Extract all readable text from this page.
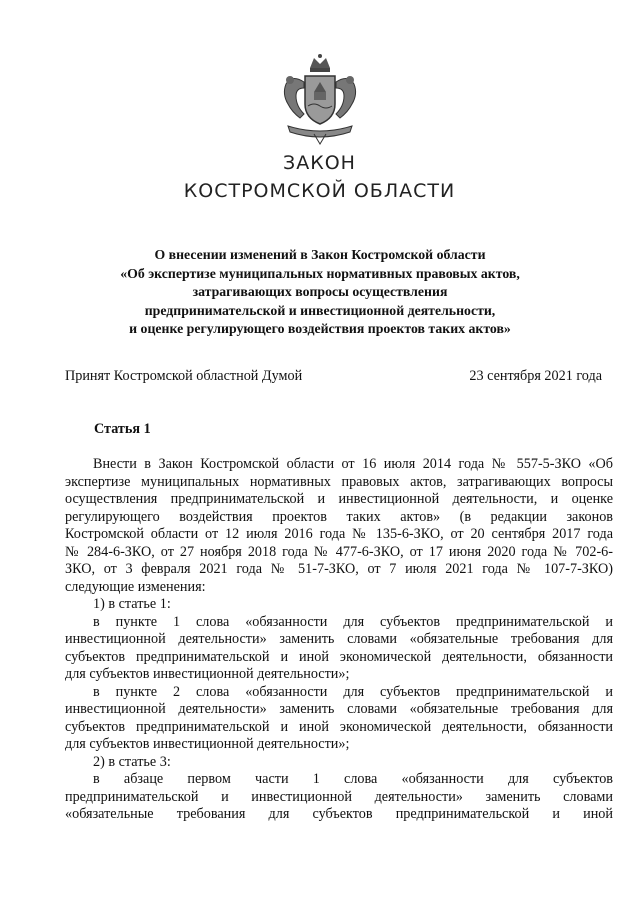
ЗАКОН
КОСТРОМСКОЙ ОБЛАСТИ
О внесении изменений в Закон Костромской области
«Об экспертизе муниципальных нормативных правовых актов,
затрагивающих вопросы осуществления
предпринимательской и инвестиционной деятельности,
и оценке регулирующего воздействия проектов таких актов»
Принят Костромской областной Думой	23 сентября 2021 года
Статья 1
Внести в Закон Костромской области от 16 июля 2014 года № 557-5-ЗКО «Об
экспертизе муниципальных нормативных правовых актов, затрагивающих вопросы
осуществления предпринимательской и инвестиционной деятельности, и оценке
регулирующего воздействия проектов таких актов» (в редакции законов
Костромской области от 12 июля 2016 года № 135-6-ЗКО, от 20 сентября 2017 года
№ 284-6-ЗКО, от 27 ноября 2018 года № 477-6-ЗКО, от 17 июня 2020 года № 702-6-
ЗКО, от 3 февраля 2021 года № 51-7-ЗКО, от 7 июля 2021 года № 107-7-ЗКО)
следующие изменения:
1) в статье 1:
в пункте 1 слова «обязанности для субъектов предпринимательской и
инвестиционной деятельности» заменить словами «обязательные требования для
субъектов предпринимательской и иной экономической деятельности, обязанности
для субъектов инвестиционной деятельности»;
в пункте 2 слова «обязанности для субъектов предпринимательской и
инвестиционной деятельности» заменить словами «обязательные требования для
субъектов предпринимательской и иной экономической деятельности, обязанности
для субъектов инвестиционной деятельности»;
2) в статье 3:
в абзаце первом части 1 слова «обязанности для субъектов
предпринимательской и инвестиционной деятельности» заменить словами
«обязательные требования для субъектов предпринимательской и иной
